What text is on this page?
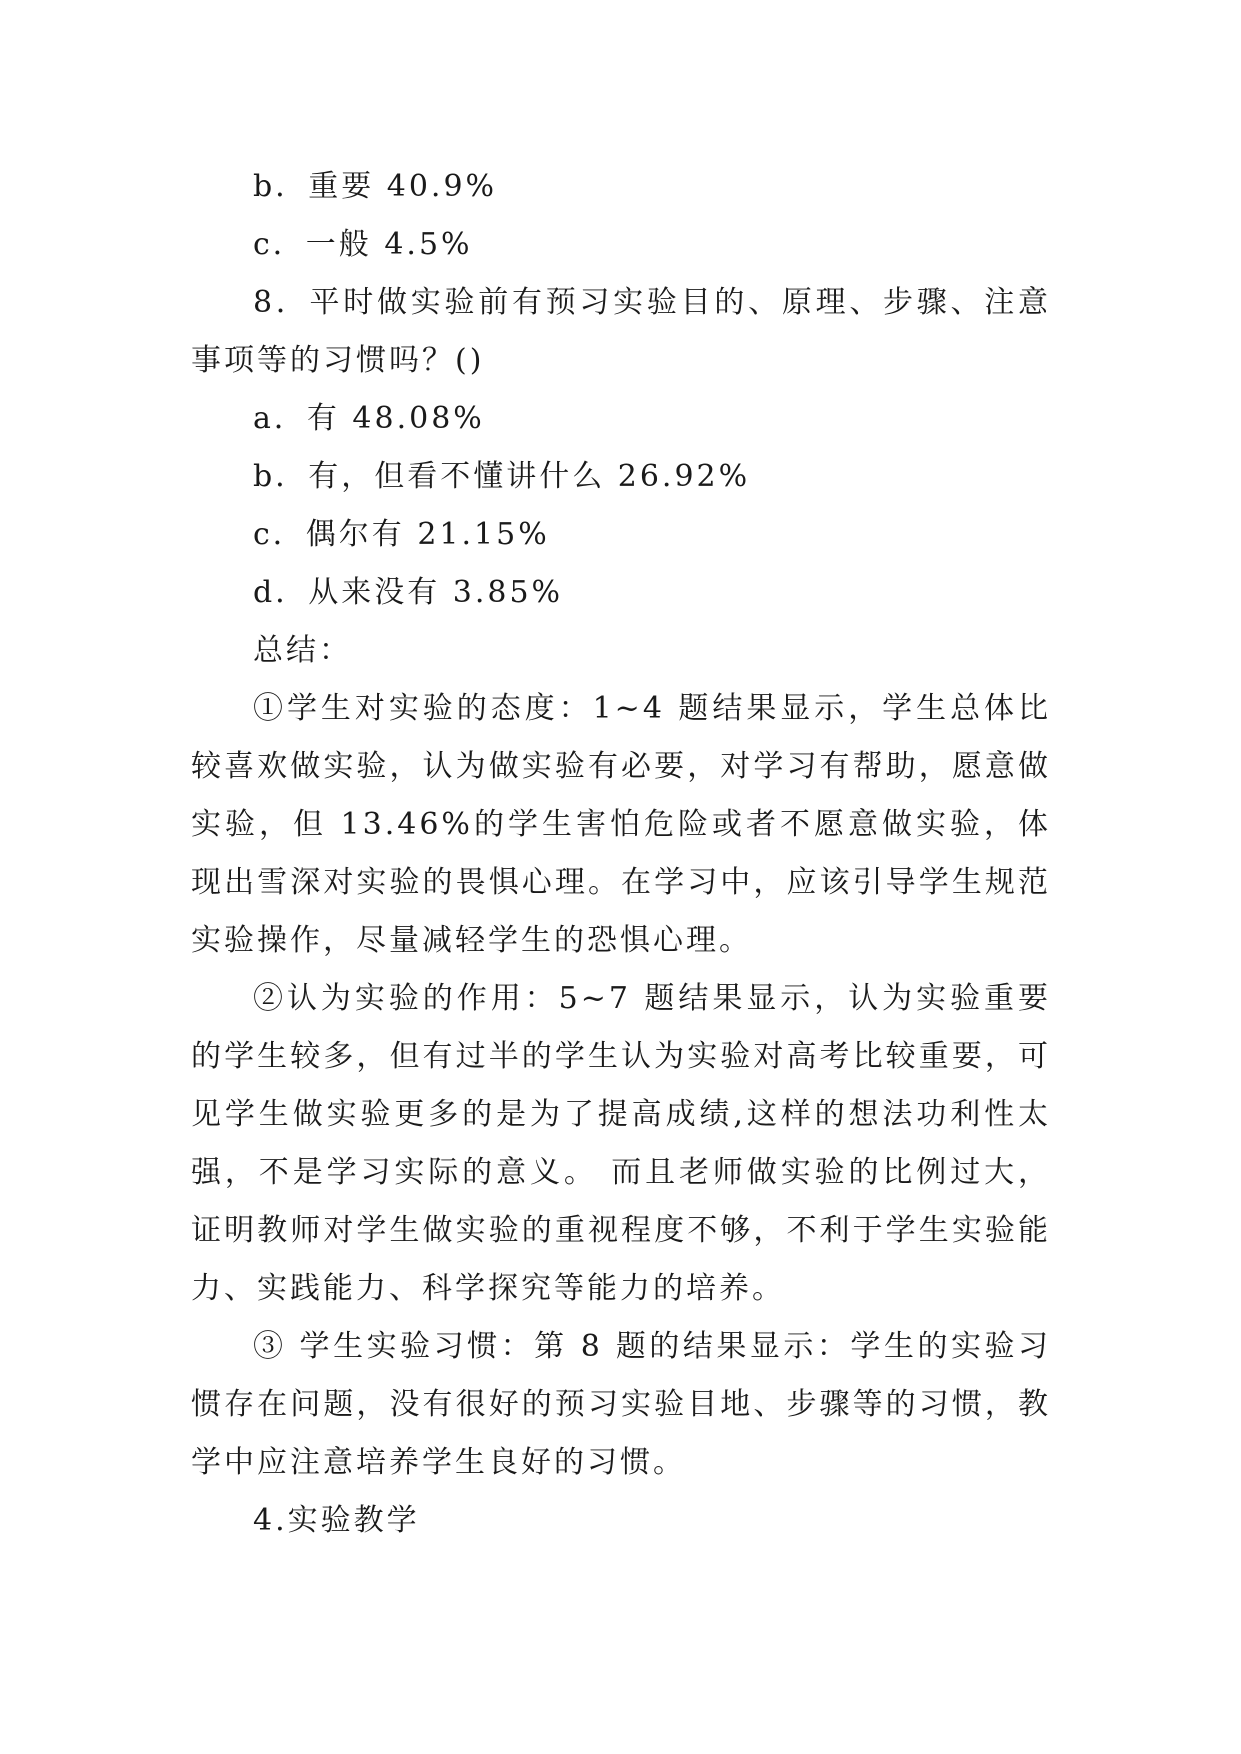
b．重要 40.9%
c．一般 4.5%

8．平时做实验前有预习实验目的、原理、步骤、注意事项等的习惯吗？()

a．有 48.08%
b．有，但看不懂讲什么 26.92%
c．偶尔有 21.15%
d．从来没有 3.85%
总结：

①学生对实验的态度：1~4 题结果显示，学生总体比较喜欢做实验，认为做实验有必要，对学习有帮助，愿意做实验，但 13.46%的学生害怕危险或者不愿意做实验，体现出雪深对实验的畏惧心理。在学习中，应该引导学生规范实验操作，尽量减轻学生的恐惧心理。

②认为实验的作用：5~7 题结果显示，认为实验重要的学生较多，但有过半的学生认为实验对高考比较重要，可见学生做实验更多的是为了提高成绩,这样的想法功利性太强，不是学习实际的意义。 而且老师做实验的比例过大，证明教师对学生做实验的重视程度不够，不利于学生实验能力、实践能力、科学探究等能力的培养。

③ 学生实验习惯：第 8 题的结果显示：学生的实验习惯存在问题，没有很好的预习实验目地、步骤等的习惯，教学中应注意培养学生良好的习惯。

4.实验教学
